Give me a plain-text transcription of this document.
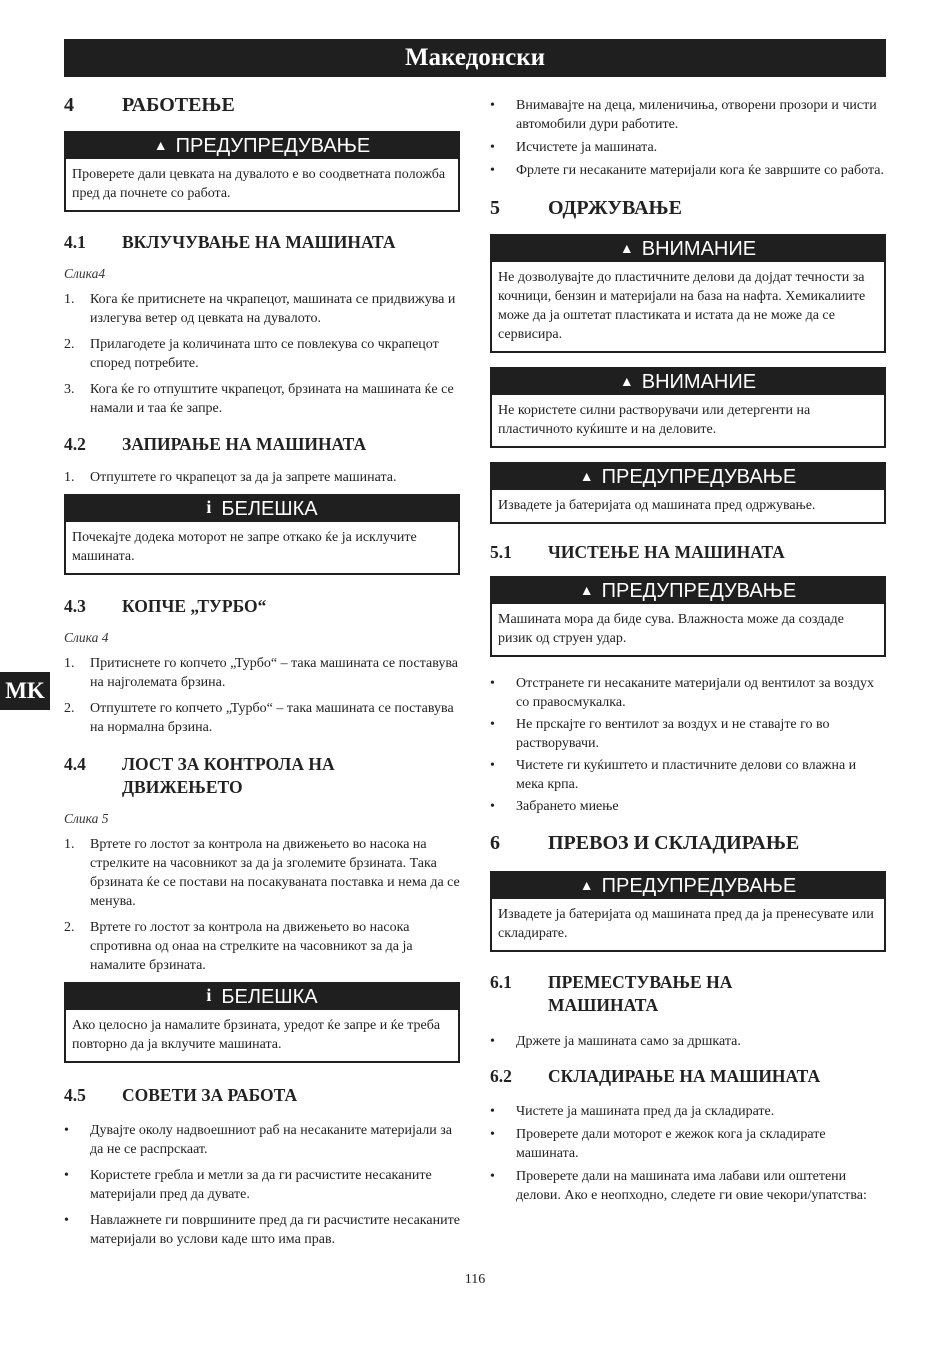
Македонски
MK
4	РАБОТЕЊЕ
▲ ПРЕДУПРЕДУВАЊЕ
Проверете дали цевката на дувалото е во соодветната положба пред да почнете со работа.
4.1	ВКЛУЧУВАЊЕ НА МАШИНАТА

Слика4

1.	Кога ќе притиснете на чкрапецот, машината се придвижува и излегува ветер од цевката на дувалото.
2.	Прилагодете ја количината што се повлекува со чкрапецот според потребите.
3.	Кога ќе го отпуштите чкрапецот, брзината на машината ќе се намали и таа ќе запре.
4.2	ЗАПИРАЊЕ НА МАШИНАТА
1.	Отпуштете го чкрапецот за да ја запрете машината.
i БЕЛЕШКА
Почекајте додека моторот не запре откако ќе ја исклучите машината.
4.3	КОПЧЕ „ТУРБО“

Слика 4

1.	Притиснете го копчето „Турбо“ – така машината се поставува на најголемата брзина.
2.	Отпуштете го копчето „Турбо“ – така машината се поставува на нормална брзина.
4.4	ЛОСТ ЗА КОНТРОЛА НА ДВИЖЕЊЕТО

Слика 5

1.	Вртете го лостот за контрола на движењето во насока на стрелките на часовникот за да ја зголемите брзината. Така брзината ќе се постави на посакуваната поставка и нема да се менува.
2.	Вртете го лостот за контрола на движењето во насока спротивна од онаа на стрелките на часовникот за да ја намалите брзината.
i БЕЛЕШКА
Ако целосно ја намалите брзината, уредот ќе запре и ќе треба повторно да ја вклучите машината.
4.5	СОВЕТИ ЗА РАБОТА
•	Дувајте околу надвоешниот раб на несаканите материјали за да не се распрскаат.
•	Користете гребла и метли за да ги расчистите несаканите материјали пред да дувате.
•	Навлажнете ги површините пред да ги расчистите несаканите материјали во услови каде што има прав.
•	Внимавајте на деца, миленичиња, отворени прозори и чисти автомобили дури работите.
•	Исчистете ја машината.
•	Фрлете ги несаканите материјали кога ќе завршите со работа.
5	ОДРЖУВАЊЕ
▲ ВНИМАНИЕ
Не дозволувајте до пластичните делови да дојдат течности за кочници, бензин и материјали на база на нафта. Хемикалиите може да ја оштетат пластиката и истата да не може да се сервисира.
▲ ВНИМАНИЕ
Не користете силни растворувачи или детергенти на пластичното куќиште и на деловите.
▲ ПРЕДУПРЕДУВАЊЕ
Извадете ја батеријата од машината пред одржување.
5.1	ЧИСТЕЊЕ НА МАШИНАТА
▲ ПРЕДУПРЕДУВАЊЕ
Машината мора да биде сува. Влажноста може да создаде ризик од струен удар.
•	Отстранете ги несаканите материјали од вентилот за воздух со правосмукалка.
•	Не прскајте го вентилот за воздух и не ставајте го во растворувачи.
•	Чистете ги куќиштето и пластичните делови со влажна и мека крпа.
•	Забрането миење
6	ПРЕВОЗ И СКЛАДИРАЊЕ
▲ ПРЕДУПРЕДУВАЊЕ
Извадете ја батеријата од машината пред да ја пренесувате или складирате.
6.1	ПРЕМЕСТУВАЊЕ НА МАШИНАТА
•	Држете ја машината само за дршката.
6.2	СКЛАДИРАЊЕ НА МАШИНАТА
•	Чистете ја машината пред да ја складирате.
•	Проверете дали моторот е жежок кога ја складирате машината.
•	Проверете дали на машината има лабави или оштетени делови. Ако е неопходно, следете ги овие чекори/упатства:
116
